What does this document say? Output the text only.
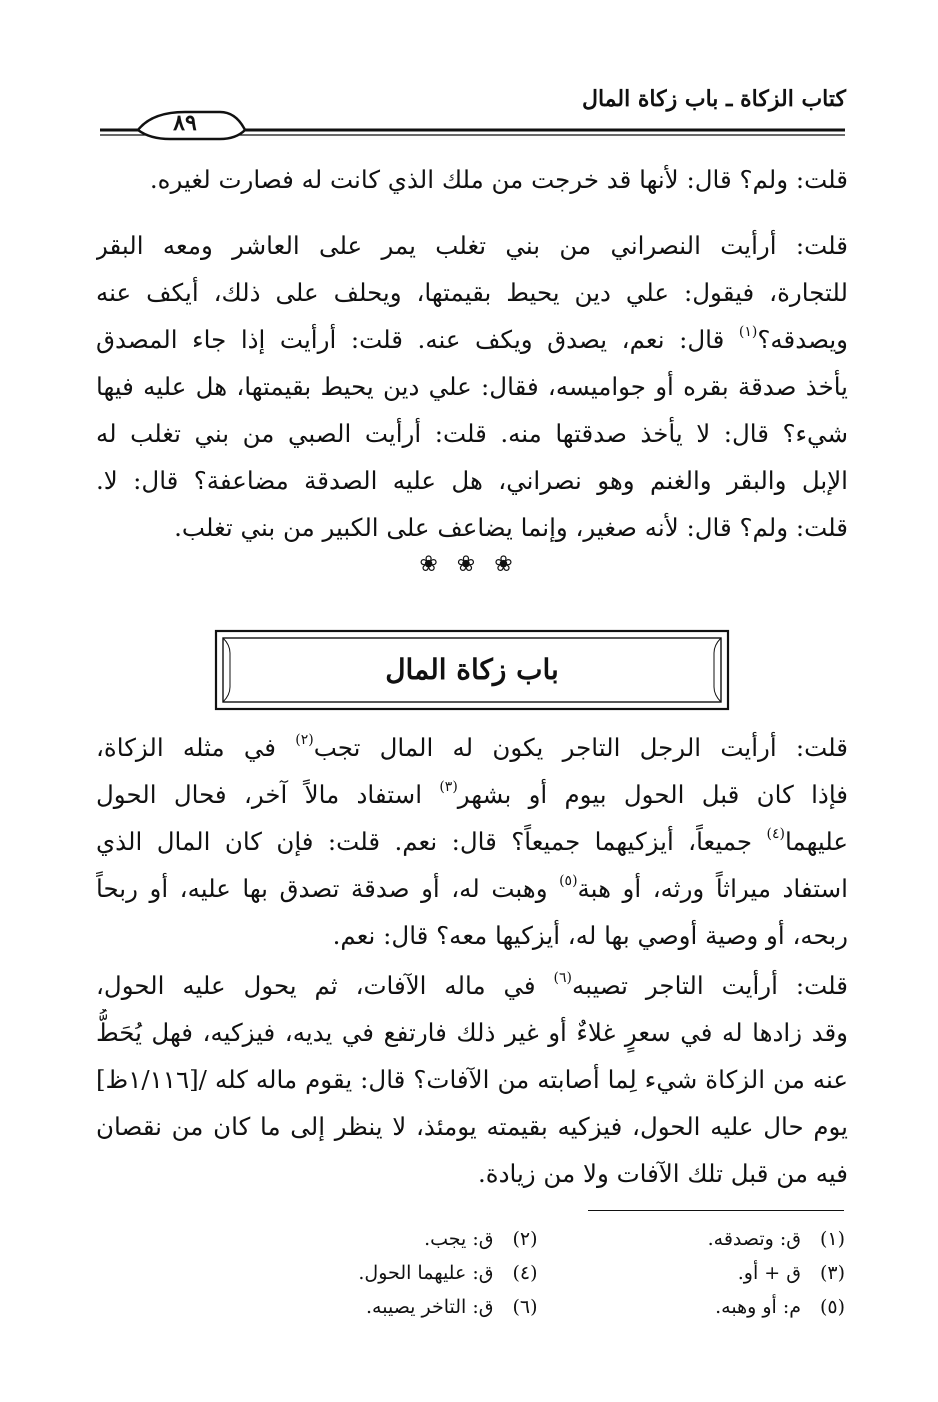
كتاب الزكاة ـ باب زكاة المال
٨٩
قلت: ولم؟ قال: لأنها قد خرجت من ملك الذي كانت له فصارت لغيره.
قلت: أرأيت النصراني من بني تغلب يمر على العاشر ومعه البقر
للتجارة، فيقول: علي دين يحيط بقيمتها، ويحلف على ذلك، أيكف عنه
ويصدقه؟$^{(١)}$ قال: نعم، يصدق ويكف عنه. قلت: أرأيت إذا جاء المصدق
يأخذ صدقة بقره أو جواميسه، فقال: علي دين يحيط بقيمتها، هل عليه فيها
شيء؟ قال: لا يأخذ صدقتها منه. قلت: أرأيت الصبي من بني تغلب له
الإبل والبقر والغنم وهو نصراني، هل عليه الصدقة مضاعفة؟ قال: لا.
قلت: ولم؟ قال: لأنه صغير، وإنما يضاعف على الكبير من بني تغلب.
❀ ❀ ❀
باب زكاة المال
قلت: أرأيت الرجل التاجر يكون له المال تجب$^{(٢)}$ في مثله الزكاة،
فإذا كان قبل الحول بيوم أو بشهر$^{(٣)}$ استفاد مالاً آخر، فحال الحول
عليهما$^{(٤)}$ جميعاً، أيزكيهما جميعاً؟ قال: نعم. قلت: فإن كان المال الذي
استفاد ميراثاً ورثه، أو هبة$^{(٥)}$ وهبت له، أو صدقة تصدق بها عليه، أو ربحاً
ربحه، أو وصية أوصي بها له، أيزكيها معه؟ قال: نعم.
قلت: أرأيت التاجر تصيبه$^{(٦)}$ في ماله الآفات، ثم يحول عليه الحول،
وقد زادها له في سعرٍ غلاءٌ أو غير ذلك فارتفع في يديه، فيزكيه، فهل يُحَطُّ
عنه من الزكاة شيء لِما أصابته من الآفات؟ قال: يقوم ماله كله /[١/١١٦ظ]
يوم حال عليه الحول، فيزكيه بقيمته يومئذ، لا ينظر إلى ما كان من نقصان
فيه من قبل تلك الآفات ولا من زيادة.
(١)ق: وتصدقه.
(٢)ق: يجب.
(٣)ق + أو.
(٤)ق: عليهما الحول.
(٥)م: أو وهبه.
(٦)ق: التاخر يصيبه.
